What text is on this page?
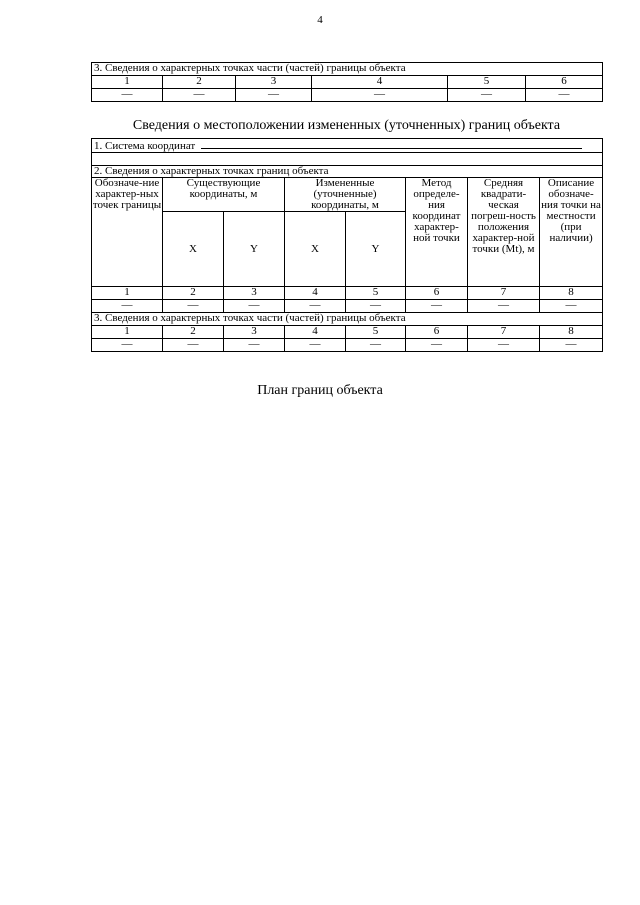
4
3. Сведения о характерных точках части (частей) границы объекта					
1	2	3	4	5	6
—	—	—	—	—	—
Сведения о местоположении измененных (уточненных) границ объекта
1. Система координат							

2. Сведения о характерных точках границ объекта							
Обозначе-ние характер-ных точек границы	Существующие координаты, м		Измененные (уточненные) координаты, м		Метод определе-ния координат характер-ной точки	Средняя квадрати-ческая погреш-ность положения характер-ной точки (Mt), м	Описание обозначе-ния точки на местности (при наличии)
	X	Y	X	Y			
1	2	3	4	5	6	7	8
—	—	—	—	—	—	—	—
3. Сведения о характерных точках части (частей) границы объекта							
1	2	3	4	5	6	7	8
—	—	—	—	—	—	—	—
План границ объекта
